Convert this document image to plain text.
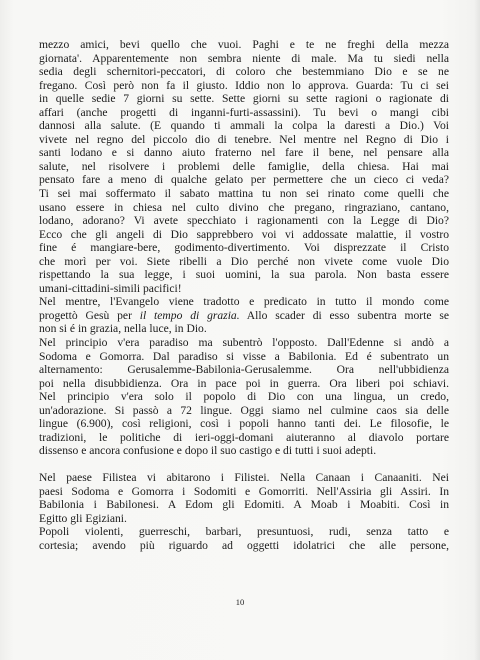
mezzo amici, bevi quello che vuoi. Paghi e te ne freghi della mezza
giornata'. Apparentemente non sembra niente di male. Ma tu siedi nella
sedia degli schernitori-peccatori, di coloro che bestemmiano Dio e se ne
fregano. Così però non fa il giusto. Iddio non lo approva. Guarda: Tu ci sei
in quelle sedie 7 giorni su sette. Sette giorni su sette ragioni o ragionate di
affari (anche progetti di inganni-furti-assassini). Tu bevi o mangi cibi
dannosi alla salute. (E quando ti ammali la colpa la daresti a Dio.) Voi
vivete nel regno del piccolo dio di tenebre. Nel mentre nel Regno di Dio i
santi lodano e si danno aiuto fraterno nel fare il bene, nel pensare alla
salute, nel risolvere i problemi delle famiglie, della chiesa. Hai mai
pensato fare a meno di qualche gelato per permettere che un cieco ci veda?
Ti sei mai soffermato il sabato mattina tu non sei rinato come quelli che
usano essere in chiesa nel culto divino che pregano, ringraziano, cantano,
lodano, adorano? Vi avete specchiato i ragionamenti con la Legge di Dio?
Ecco che gli angeli di Dio sapprebbero voi vi addossate malattie, il vostro
fine é mangiare-bere, godimento-divertimento. Voi disprezzate il Cristo
che morì per voi. Siete ribelli a Dio perché non vivete come vuole Dio
rispettando la sua legge, i suoi uomini, la sua parola. Non basta essere
umani-cittadini-simili pacifici!

Nel mentre, l'Evangelo viene tradotto e predicato in tutto il mondo come
progettò Gesù per il tempo di grazia. Allo scader di esso subentra morte se
non si é in grazia, nella luce, in Dio.

Nel principio v'era paradiso ma subentrò l'opposto. Dall'Edenne si andò a
Sodoma e Gomorra. Dal paradiso si visse a Babilonia. Ed é subentrato un
alternamento: Gerusalemme-Babilonia-Gerusalemme. Ora nell'ubbidienza
poi nella disubbidienza. Ora in pace poi in guerra. Ora liberi poi schiavi.
Nel principio v'era solo il popolo di Dio con una lingua, un credo,
un'adorazione. Si passò a 72 lingue. Oggi siamo nel culmine caos sia delle
lingue (6.900), così religioni, così i popoli hanno tanti dei. Le filosofie, le
tradizioni, le politiche di ieri-oggi-domani aiuteranno al diavolo portare
dissenso e ancora confusione e dopo il suo castigo e di tutti i suoi adepti.

Nel paese Filistea vi abitarono i Filistei. Nella Canaan i Canaaniti. Nei
paesi Sodoma e Gomorra i Sodomiti e Gomorriti. Nell'Assiria gli Assiri. In
Babilonia i Babilonesi. A Edom gli Edomiti. A Moab i Moabiti. Così in
Egitto gli Egiziani.

Popoli violenti, guerreschi, barbari, presuntuosi, rudi, senza tatto e
cortesia; avendo più riguardo ad oggetti idolatrici che alle persone,

10
